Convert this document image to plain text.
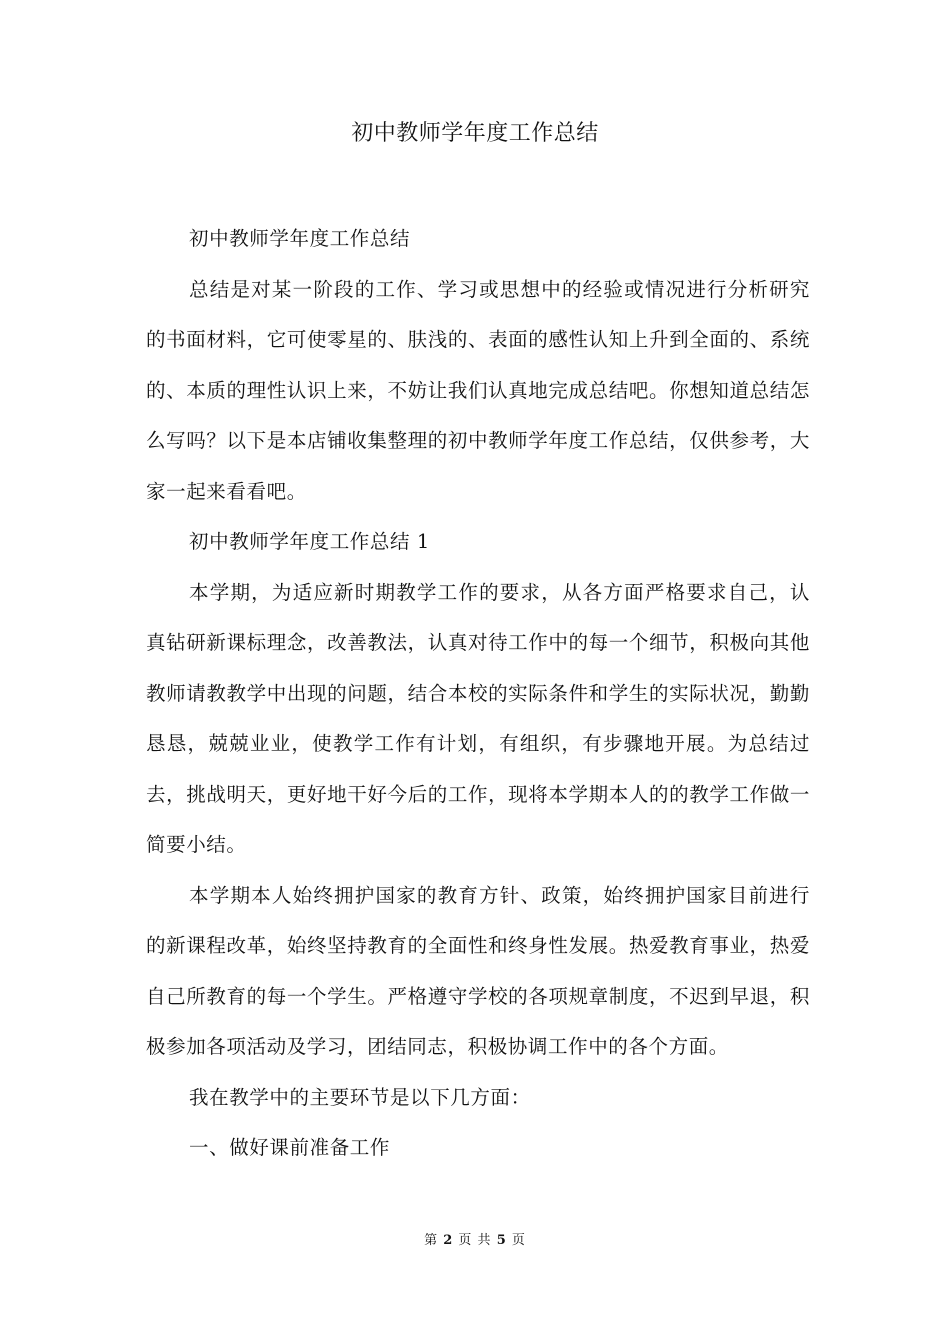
初中教师学年度工作总结

初中教师学年度工作总结

总结是对某一阶段的工作、学习或思想中的经验或情况进行分析研究的书面材料，它可使零星的、肤浅的、表面的感性认知上升到全面的、系统的、本质的理性认识上来，不妨让我们认真地完成总结吧。你想知道总结怎么写吗？以下是本店铺收集整理的初中教师学年度工作总结，仅供参考，大家一起来看看吧。

初中教师学年度工作总结 1

本学期，为适应新时期教学工作的要求，从各方面严格要求自己，认真钻研新课标理念，改善教法，认真对待工作中的每一个细节，积极向其他教师请教教学中出现的问题，结合本校的实际条件和学生的实际状况，勤勤恳恳，兢兢业业，使教学工作有计划，有组织，有步骤地开展。为总结过去，挑战明天，更好地干好今后的工作，现将本学期本人的的教学工作做一简要小结。

本学期本人始终拥护国家的教育方针、政策，始终拥护国家目前进行的新课程改革，始终坚持教育的全面性和终身性发展。热爱教育事业，热爱自己所教育的每一个学生。严格遵守学校的各项规章制度，不迟到早退，积极参加各项活动及学习，团结同志，积极协调工作中的各个方面。

我在教学中的主要环节是以下几方面：

一、做好课前准备工作

第 2 页 共 5 页
